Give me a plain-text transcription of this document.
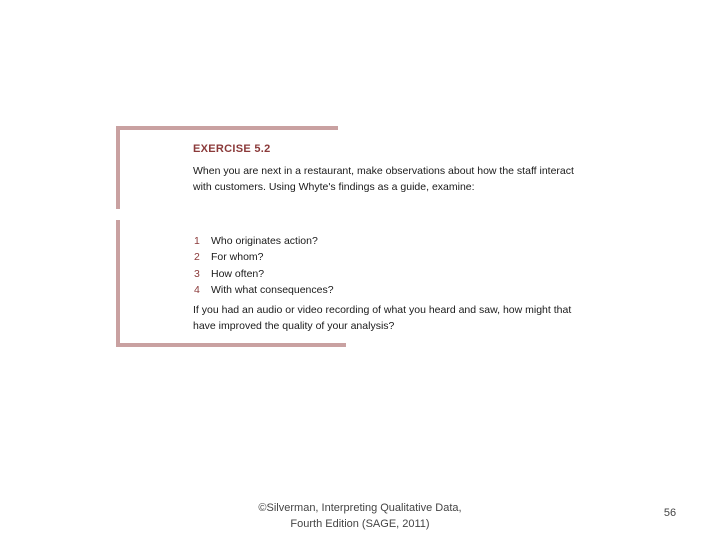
EXERCISE 5.2
When you are next in a restaurant, make observations about how the staff interact
with customers. Using Whyte's findings as a guide, examine:
1	Who originates action?
2	For whom?
3	How often?
4	With what consequences?
If you had an audio or video recording of what you heard and saw, how might that
have improved the quality of your analysis?
©Silverman, Interpreting Qualitative Data,
Fourth Edition (SAGE, 2011)
56
